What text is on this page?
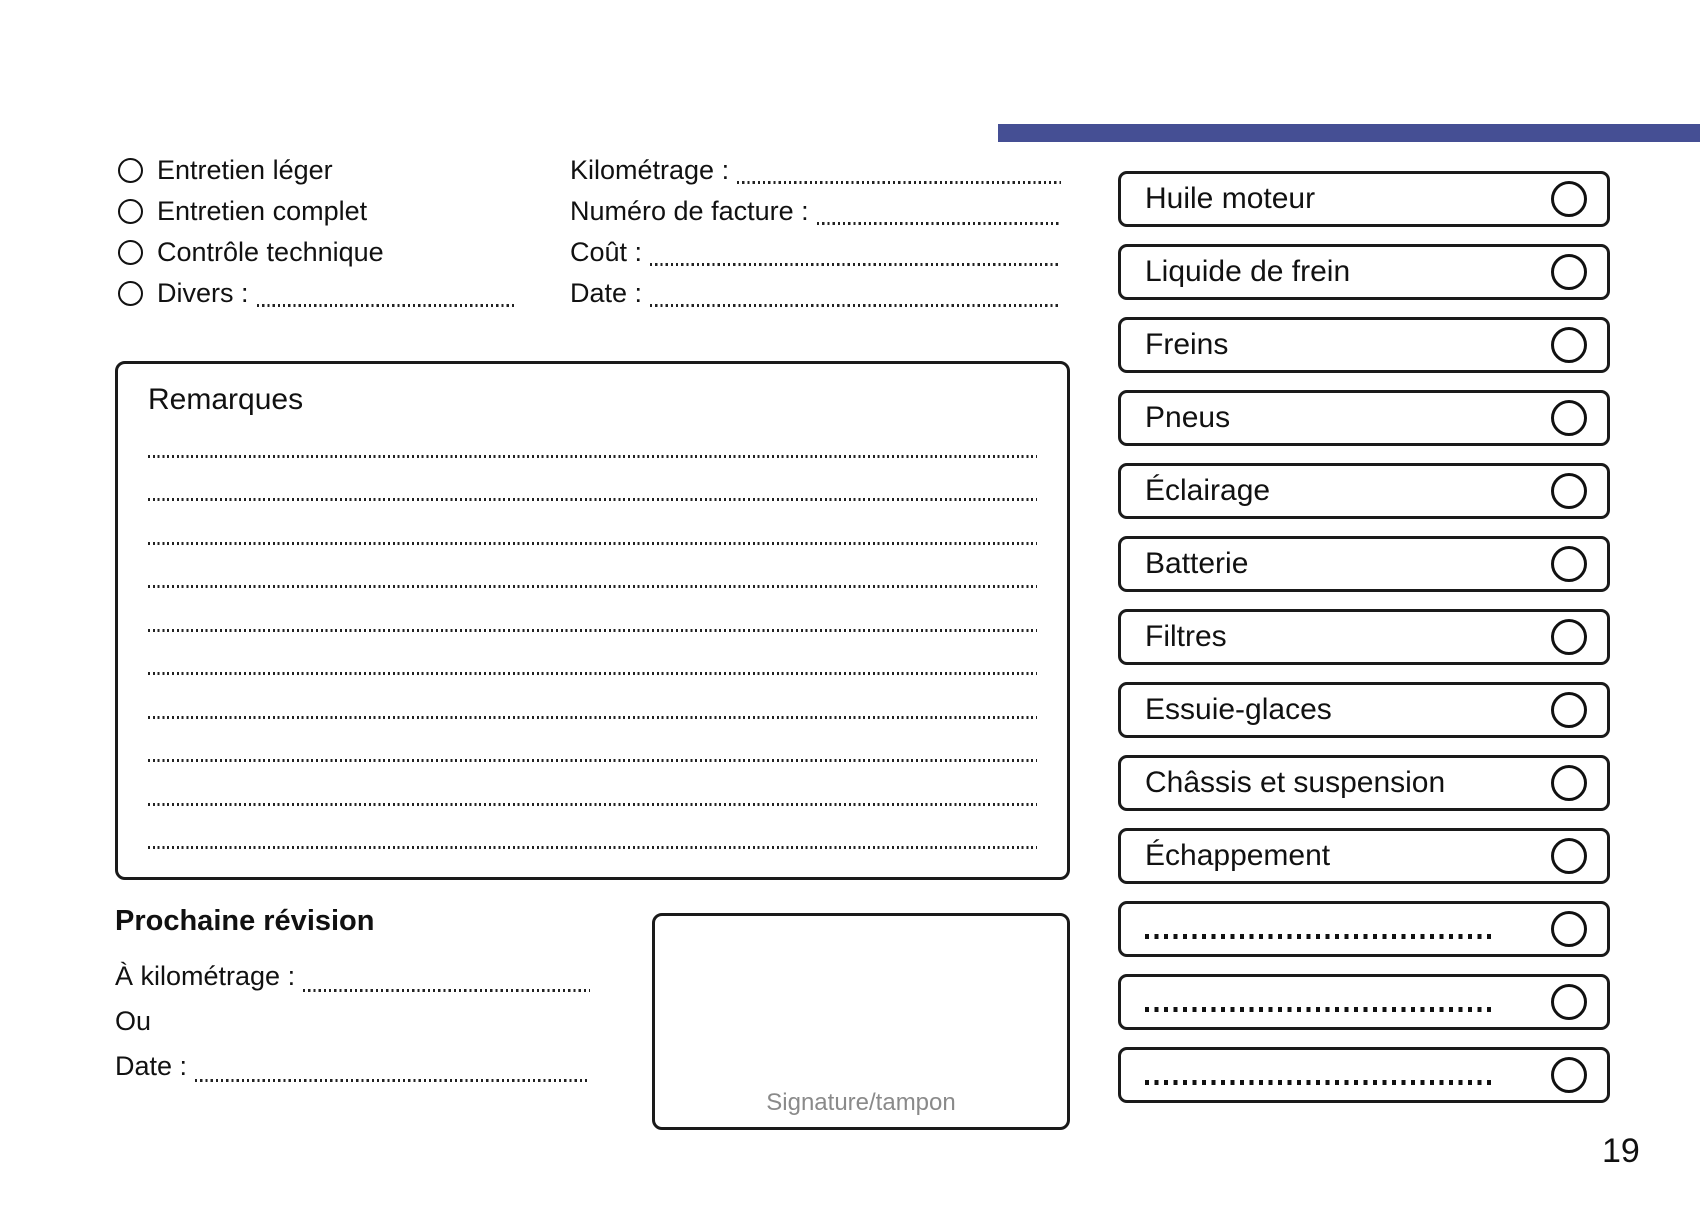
Entretien léger
Entretien complet
Contrôle technique
Divers :
Kilométrage :
Numéro de facture :
Coût :
Date :
Remarques
Prochaine révision
À kilométrage :
Ou
Date :
Signature/tampon
Huile moteur
Liquide de frein
Freins
Pneus
Éclairage
Batterie
Filtres
Essuie-glaces
Châssis et suspension
Échappement
19
